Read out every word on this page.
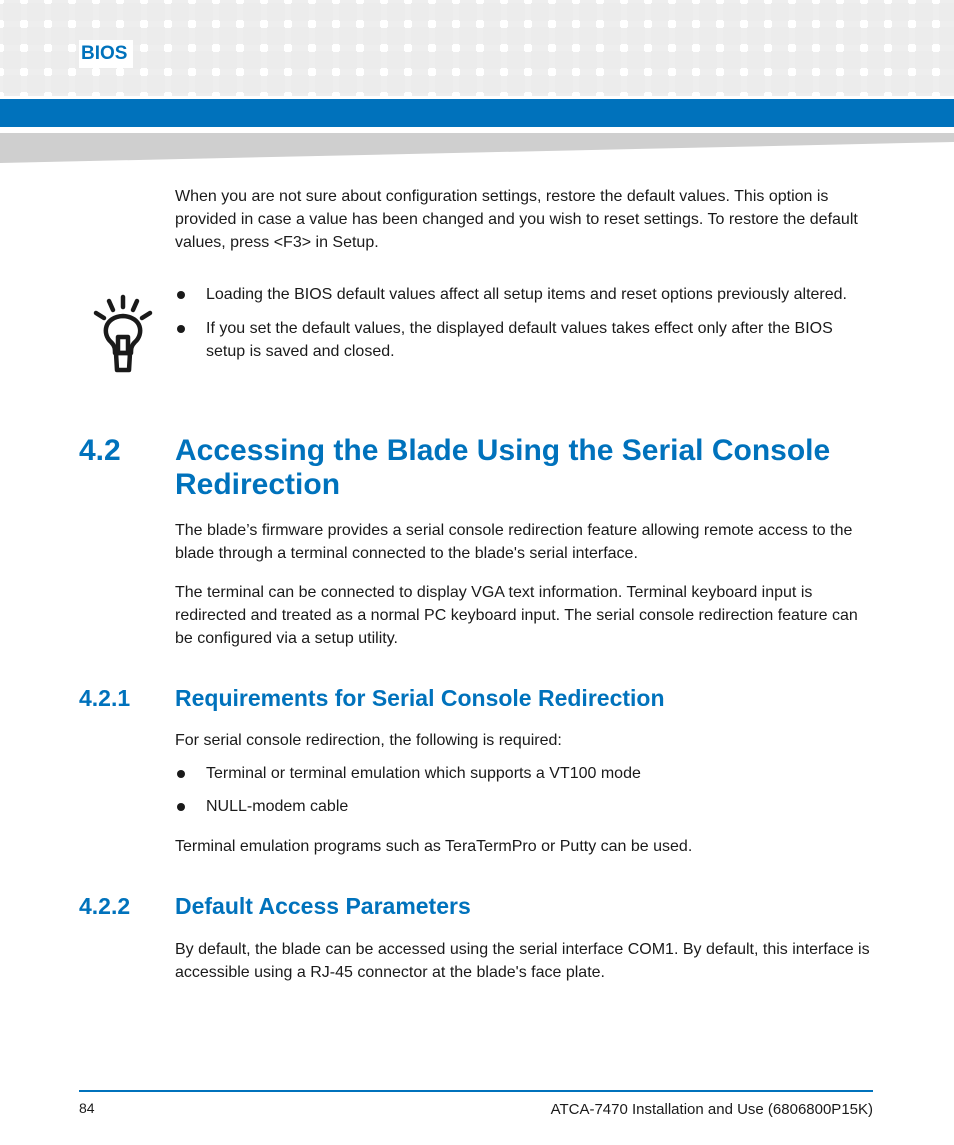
BIOS

When you are not sure about configuration settings, restore the default values. This option is provided in case a value has been changed and you wish to reset settings. To restore the default values, press <F3> in Setup.

Loading the BIOS default values affect all setup items and reset options previously altered.
If you set the default values, the displayed default values takes effect only after the BIOS setup is saved and closed.
4.2 Accessing the Blade Using the Serial Console Redirection

The blade’s firmware provides a serial console redirection feature allowing remote access to the blade through a terminal connected to the blade's serial interface.

The terminal can be connected to display VGA text information. Terminal keyboard input is redirected and treated as a normal PC keyboard input. The serial console redirection feature can be configured via a setup utility.

4.2.1 Requirements for Serial Console Redirection

For serial console redirection, the following is required:

Terminal or terminal emulation which supports a VT100 mode
NULL-modem cable

Terminal emulation programs such as TeraTermPro or Putty can be used.

4.2.2 Default Access Parameters

By default, the blade can be accessed using the serial interface COM1. By default, this interface is accessible using a RJ-45 connector at the blade's face plate.

84	ATCA-7470 Installation and Use (6806800P15K)
